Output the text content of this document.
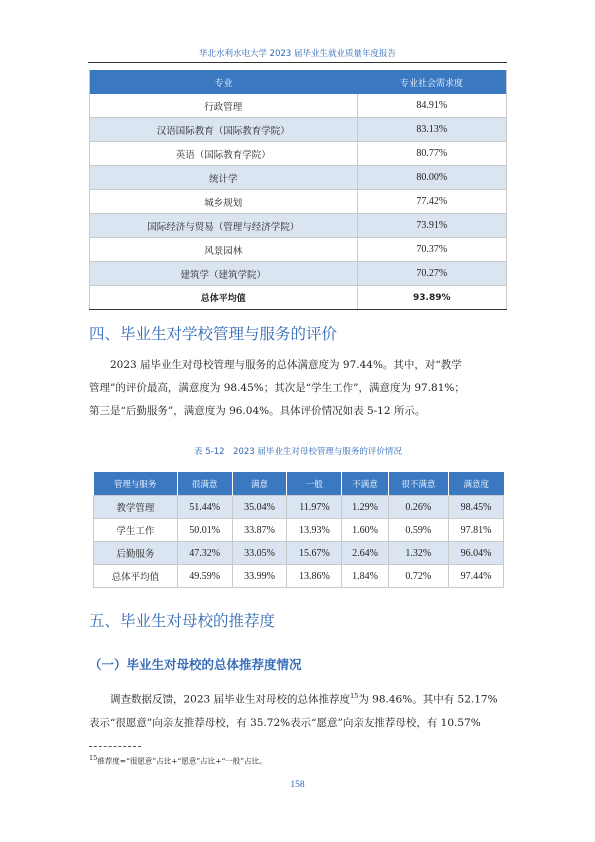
华北水利水电大学 2023 届毕业生就业质量年度报告
专业	专业社会需求度
行政管理	84.91%
汉语国际教育（国际教育学院）	83.13%
英语（国际教育学院）	80.77%
统计学	80.00%
城乡规划	77.42%
国际经济与贸易（管理与经济学院）	73.91%
风景园林	70.37%
建筑学（建筑学院）	70.27%
总体平均值	93.89%
四、毕业生对学校管理与服务的评价
2023 届毕业生对母校管理与服务的总体满意度为 97.44%。其中，对“教学
管理”的评价最高，满意度为 98.45%；其次是“学生工作”，满意度为 97.81%；
第三是“后勤服务”，满意度为 96.04%。具体评价情况如表 5-12 所示。
表 5-12　2023 届毕业生对母校管理与服务的评价情况
管理与服务	很满意	满意	一般	不满意	很不满意	满意度
教学管理	51.44%	35.04%	11.97%	1.29%	0.26%	98.45%
学生工作	50.01%	33.87%	13.93%	1.60%	0.59%	97.81%
后勤服务	47.32%	33.05%	15.67%	2.64%	1.32%	96.04%
总体平均值	49.59%	33.99%	13.86%	1.84%	0.72%	97.44%
五、毕业生对母校的推荐度
（一）毕业生对母校的总体推荐度情况
调查数据反馈，2023 届毕业生对母校的总体推荐度$^{15}$为 98.46%。其中有 52.17%
表示“很愿意”向亲友推荐母校，有 35.72%表示“愿意”向亲友推荐母校，有 10.57%
$^{15}$推荐度=“很愿意”占比+“愿意”占比+“一般”占比。
158
